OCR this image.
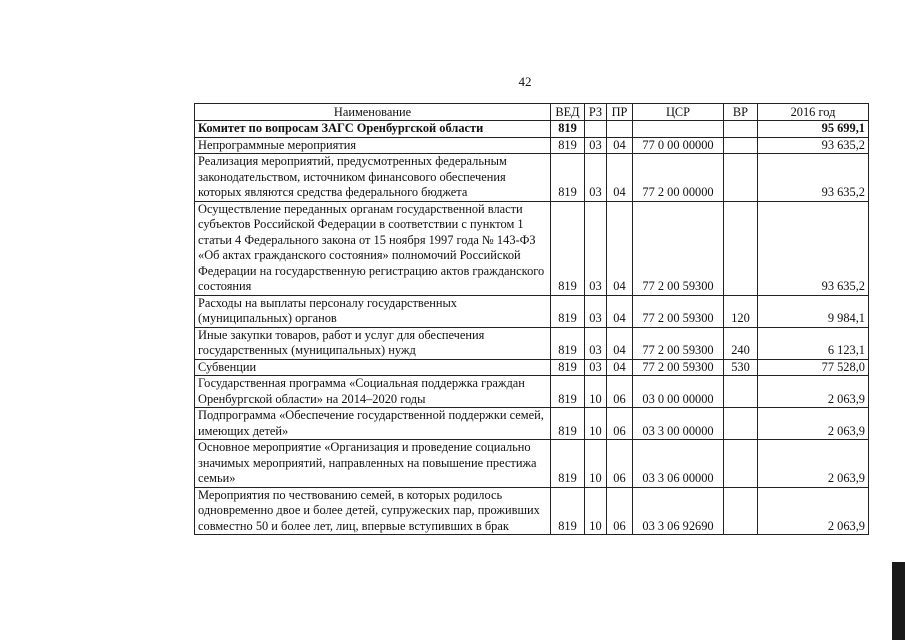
42
Наименование	ВЕД	РЗ	ПР	ЦСР	ВР	2016 год
Комитет по вопросам ЗАГС Оренбургской области	819					95 699,1
Непрограммные мероприятия	819	03	04	77 0 00 00000		93 635,2
Реализация мероприятий, предусмотренных федеральным законодательством, источником финансового обеспечения которых являются средства федерального бюджета	819	03	04	77 2 00 00000		93 635,2
Осуществление переданных органам государственной власти субъектов Российской Федерации в соответствии с пунктом 1 статьи 4 Федерального закона от 15 ноября 1997 года № 143-ФЗ «Об актах гражданского состояния» полномочий Российской Федерации на государственную регистрацию актов гражданского состояния	819	03	04	77 2 00 59300		93 635,2
Расходы на выплаты персоналу государственных (муниципальных) органов	819	03	04	77 2 00 59300	120	9 984,1
Иные закупки товаров, работ и услуг для обеспечения государственных (муниципальных) нужд	819	03	04	77 2 00 59300	240	6 123,1
Субвенции	819	03	04	77 2 00 59300	530	77 528,0
Государственная программа «Социальная поддержка граждан Оренбургской области» на 2014–2020 годы	819	10	06	03 0 00 00000		2 063,9
Подпрограмма «Обеспечение государственной поддержки семей, имеющих детей»	819	10	06	03 3 00 00000		2 063,9
Основное мероприятие «Организация и проведение социально значимых мероприятий, направленных на повышение престижа семьи»	819	10	06	03 3 06 00000		2 063,9
Мероприятия по чествованию семей, в которых родилось одновременно двое и более детей, супружеских пар, проживших совместно 50 и более лет, лиц, впервые вступивших в брак	819	10	06	03 3 06 92690		2 063,9
